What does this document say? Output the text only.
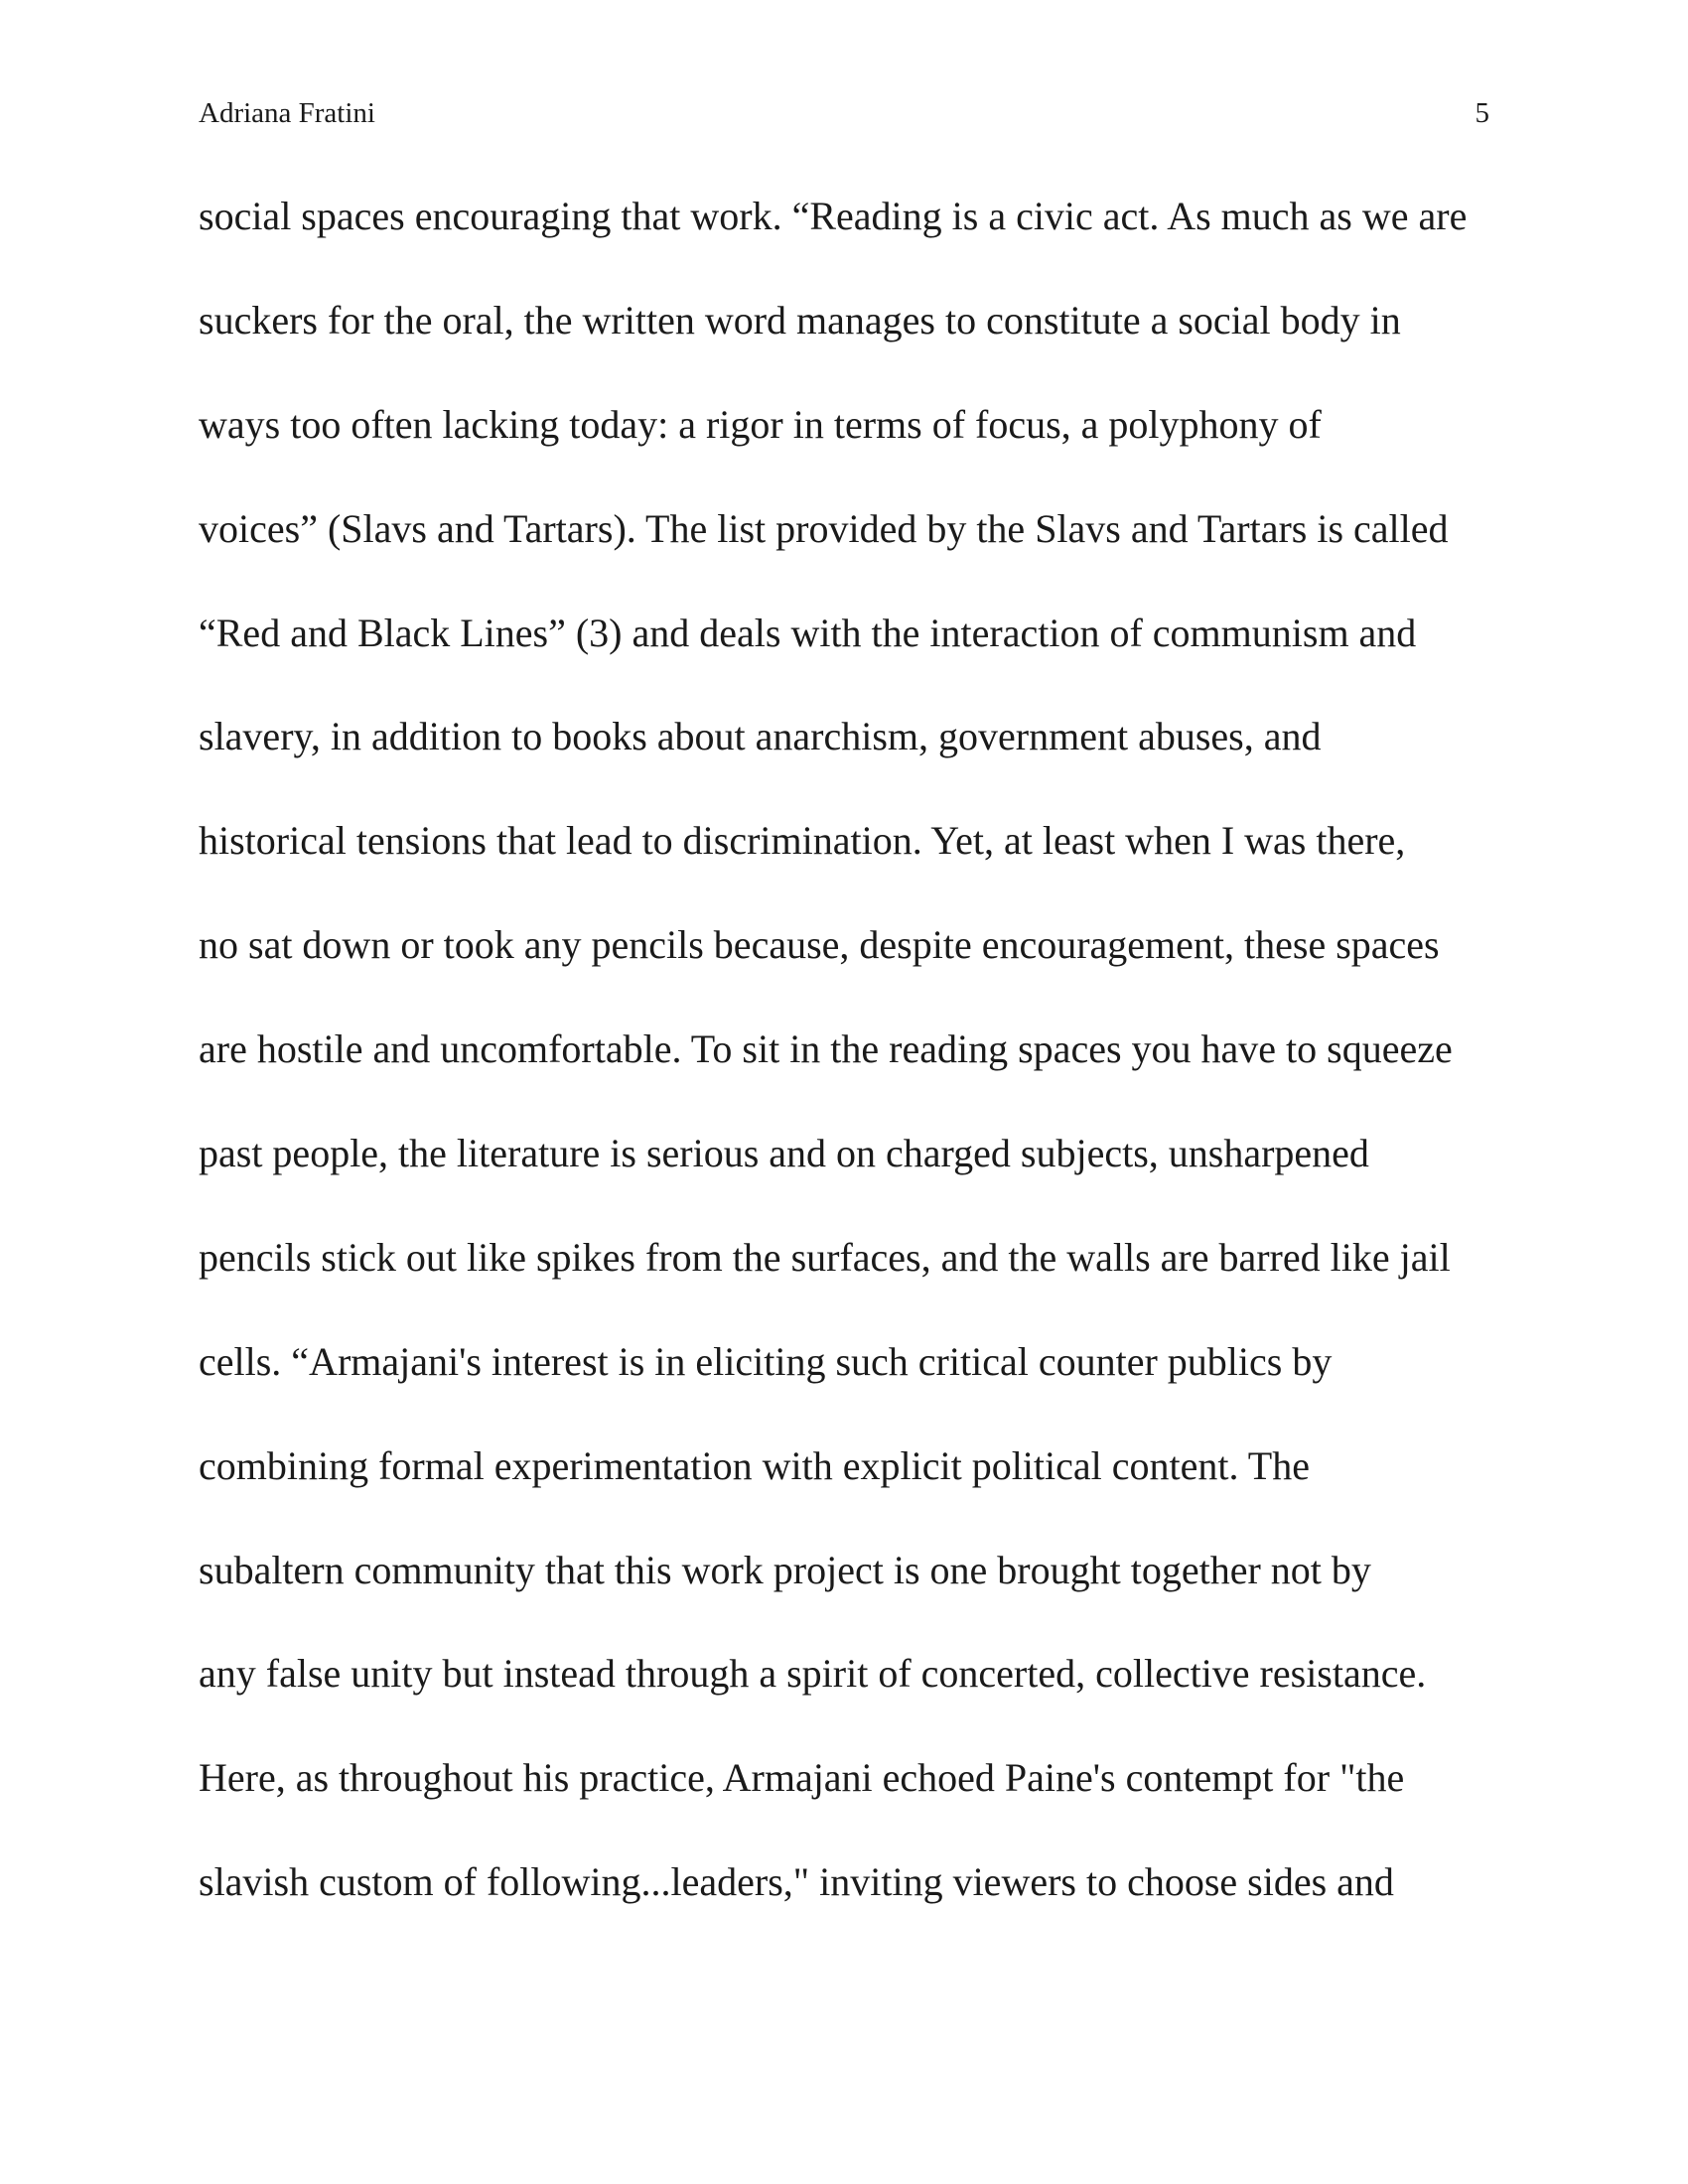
Adriana Fratini	5
social spaces encouraging that work. “Reading is a civic act. As much as we are
suckers for the oral, the written word manages to constitute a social body in
ways too often lacking today: a rigor in terms of focus, a polyphony of
voices” (Slavs and Tartars). The list provided by the Slavs and Tartars is called
“Red and Black Lines” (3) and deals with the interaction of communism and
slavery, in addition to books about anarchism, government abuses, and
historical tensions that lead to discrimination. Yet, at least when I was there,
no sat down or took any pencils because, despite encouragement, these spaces
are hostile and uncomfortable. To sit in the reading spaces you have to squeeze
past people, the literature is serious and on charged subjects, unsharpened
pencils stick out like spikes from the surfaces, and the walls are barred like jail
cells. “Armajani's interest is in eliciting such critical counter publics by
combining formal experimentation with explicit political content. The
subaltern community that this work project is one brought together not by
any false unity but instead through a spirit of concerted, collective resistance.
Here, as throughout his practice, Armajani echoed Paine's contempt for "the
slavish custom of following...leaders," inviting viewers to choose sides and
